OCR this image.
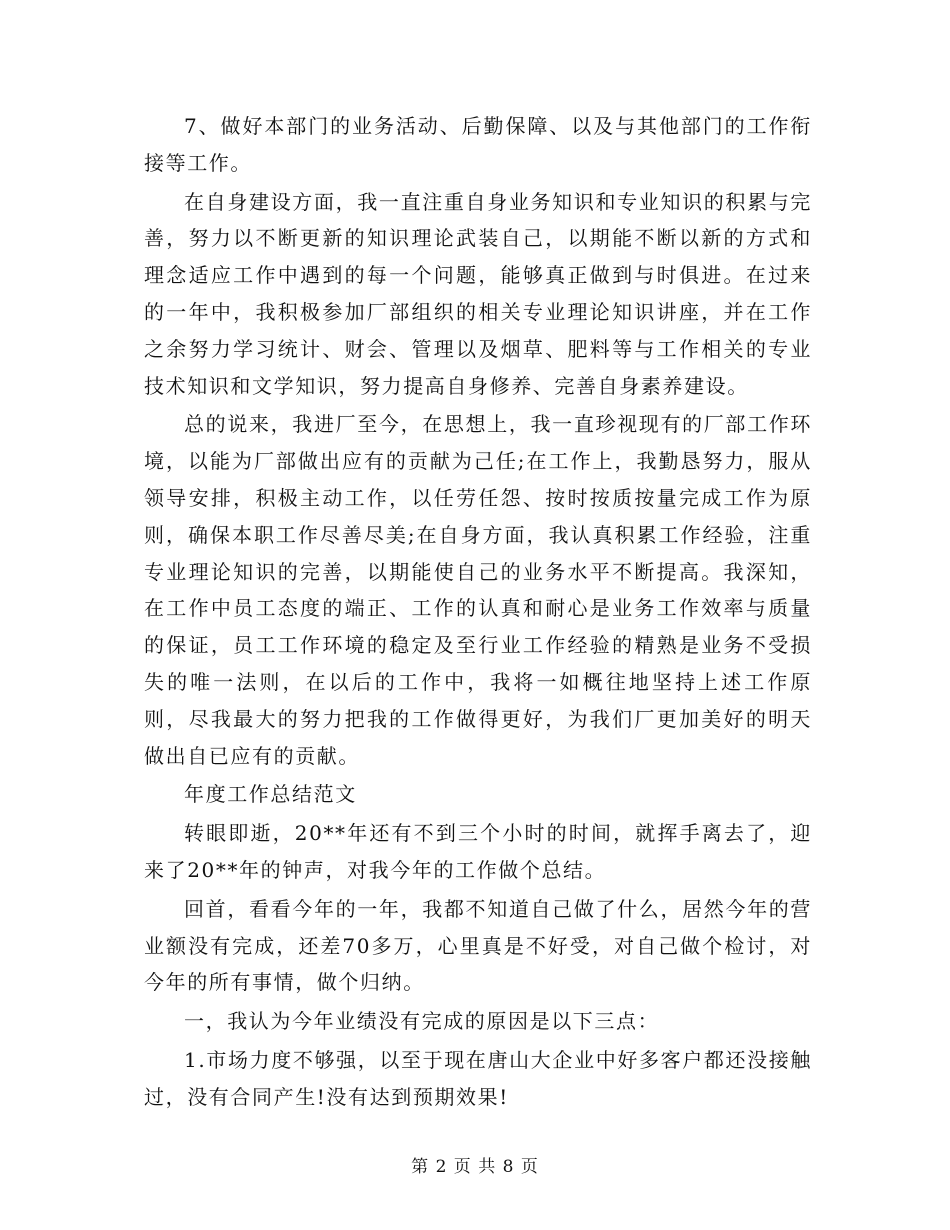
7、做好本部门的业务活动、后勤保障、以及与其他部门的工作衔接等工作。

在自身建设方面，我一直注重自身业务知识和专业知识的积累与完善，努力以不断更新的知识理论武装自己，以期能不断以新的方式和理念适应工作中遇到的每一个问题，能够真正做到与时俱进。在过来的一年中，我积极参加厂部组织的相关专业理论知识讲座，并在工作之余努力学习统计、财会、管理以及烟草、肥料等与工作相关的专业技术知识和文学知识，努力提高自身修养、完善自身素养建设。

总的说来，我进厂至今，在思想上，我一直珍视现有的厂部工作环境，以能为厂部做出应有的贡献为己任;在工作上，我勤恳努力，服从领导安排，积极主动工作，以任劳任怨、按时按质按量完成工作为原则，确保本职工作尽善尽美;在自身方面，我认真积累工作经验，注重专业理论知识的完善，以期能使自己的业务水平不断提高。我深知，在工作中员工态度的端正、工作的认真和耐心是业务工作效率与质量的保证，员工工作环境的稳定及至行业工作经验的精熟是业务不受损失的唯一法则，在以后的工作中，我将一如概往地坚持上述工作原则，尽我最大的努力把我的工作做得更好，为我们厂更加美好的明天做出自已应有的贡献。

年度工作总结范文

转眼即逝，20**年还有不到三个小时的时间，就挥手离去了，迎来了20**年的钟声，对我今年的工作做个总结。

回首，看看今年的一年，我都不知道自己做了什么，居然今年的营业额没有完成，还差70多万，心里真是不好受，对自己做个检讨，对今年的所有事情，做个归纳。

一，我认为今年业绩没有完成的原因是以下三点：

1.市场力度不够强，以至于现在唐山大企业中好多客户都还没接触过，没有合同产生!没有达到预期效果!

第 2 页 共 8 页
